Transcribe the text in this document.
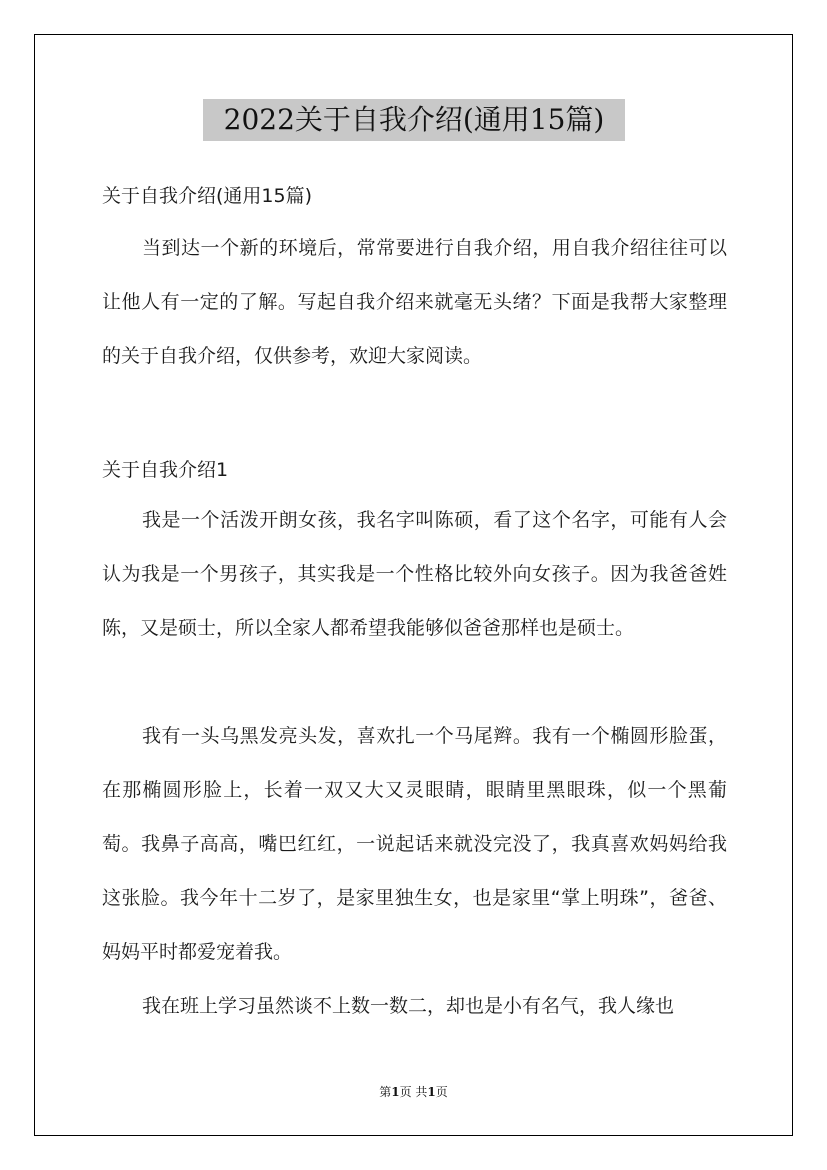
2022关于自我介绍(通用15篇)
关于自我介绍(通用15篇)
当到达一个新的环境后，常常要进行自我介绍，用自我介绍往往可以让他人有一定的了解。写起自我介绍来就毫无头绪？下面是我帮大家整理的关于自我介绍，仅供参考，欢迎大家阅读。
关于自我介绍1
我是一个活泼开朗女孩，我名字叫陈硕，看了这个名字，可能有人会认为我是一个男孩子，其实我是一个性格比较外向女孩子。因为我爸爸姓陈，又是硕士，所以全家人都希望我能够似爸爸那样也是硕士。
我有一头乌黑发亮头发，喜欢扎一个马尾辫。我有一个椭圆形脸蛋，在那椭圆形脸上，长着一双又大又灵眼睛，眼睛里黑眼珠，似一个黑葡萄。我鼻子高高，嘴巴红红，一说起话来就没完没了，我真喜欢妈妈给我这张脸。我今年十二岁了，是家里独生女，也是家里“掌上明珠”，爸爸、妈妈平时都爱宠着我。
我在班上学习虽然谈不上数一数二，却也是小有名气，我人缘也
第1页 共1页
